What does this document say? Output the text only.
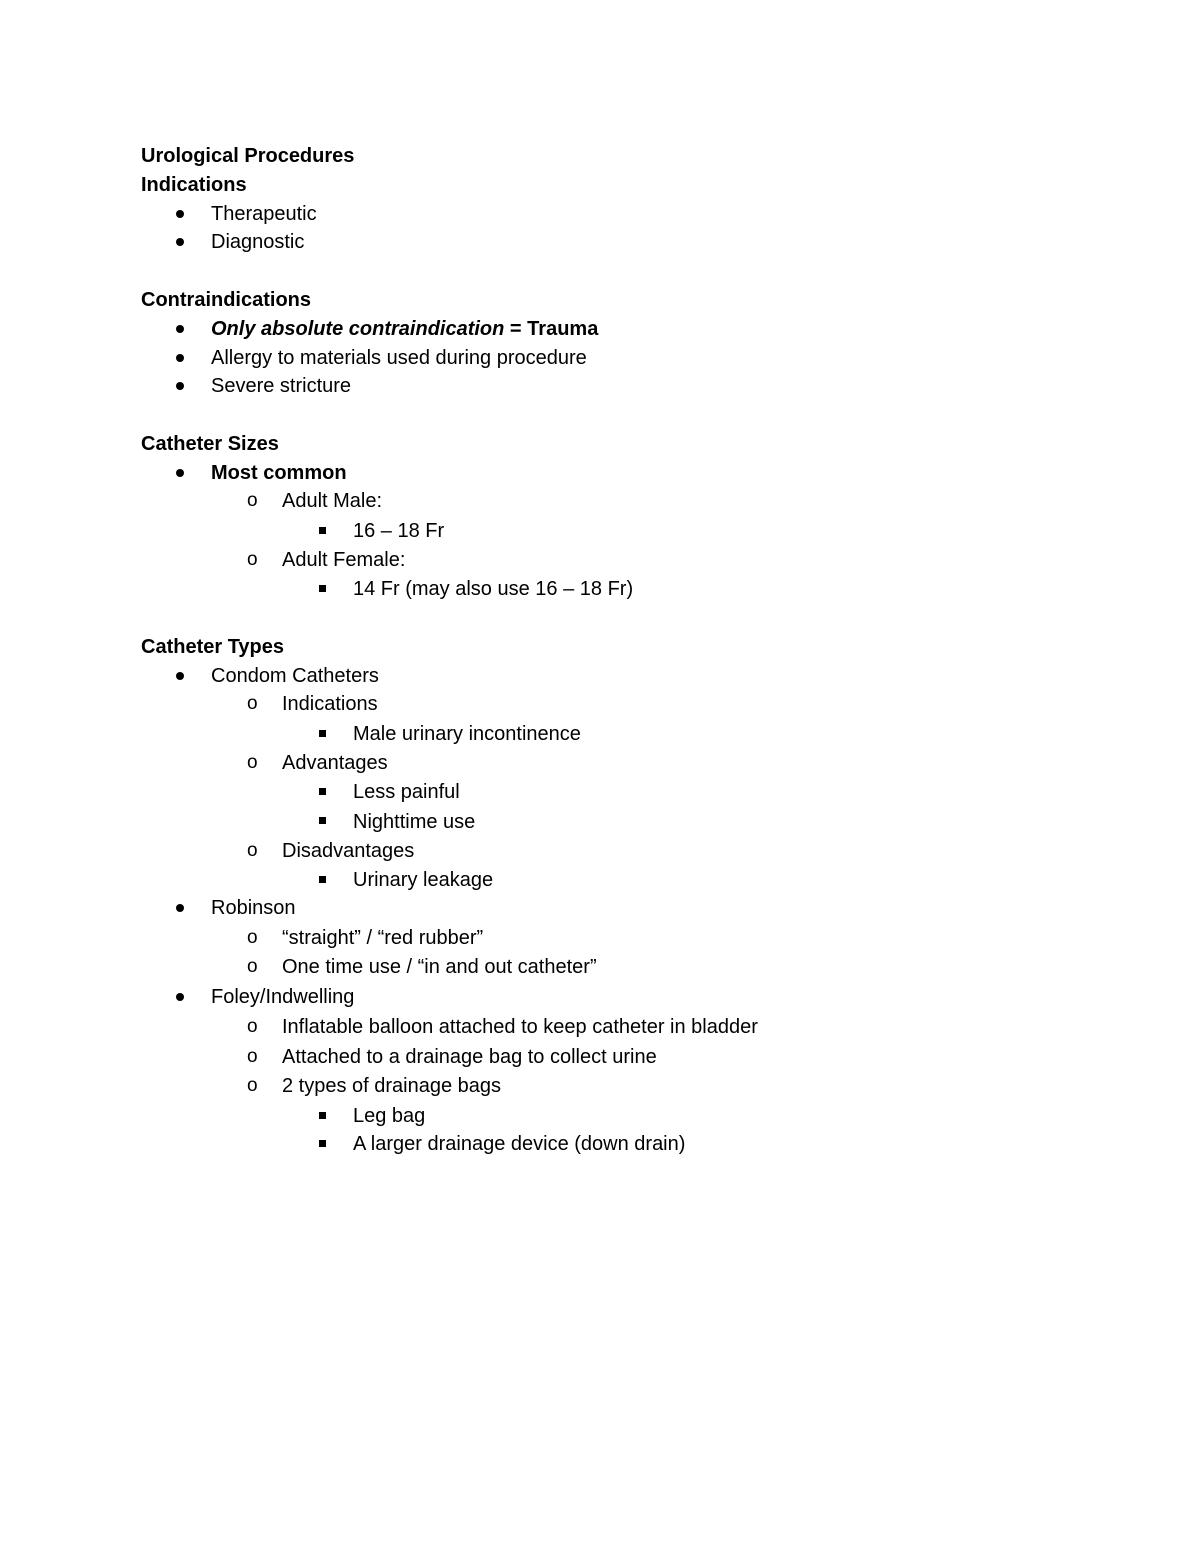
Urological Procedures

Indications

Therapeutic

Diagnostic

Contraindications

Only absolute contraindication = Trauma

Allergy to materials used during procedure

Severe stricture

Catheter Sizes

Most common

o Adult Male:

16 – 18 Fr

o Adult Female:

14 Fr (may also use 16 – 18 Fr)

Catheter Types

Condom Catheters

o Indications

Male urinary incontinence

o Advantages

Less painful

Nighttime use

o Disadvantages

Urinary leakage

Robinson

o “straight” / “red rubber”

o One time use / “in and out catheter”

Foley/Indwelling

o Inflatable balloon attached to keep catheter in bladder

o Attached to a drainage bag to collect urine

o 2 types of drainage bags

Leg bag

A larger drainage device (down drain)
